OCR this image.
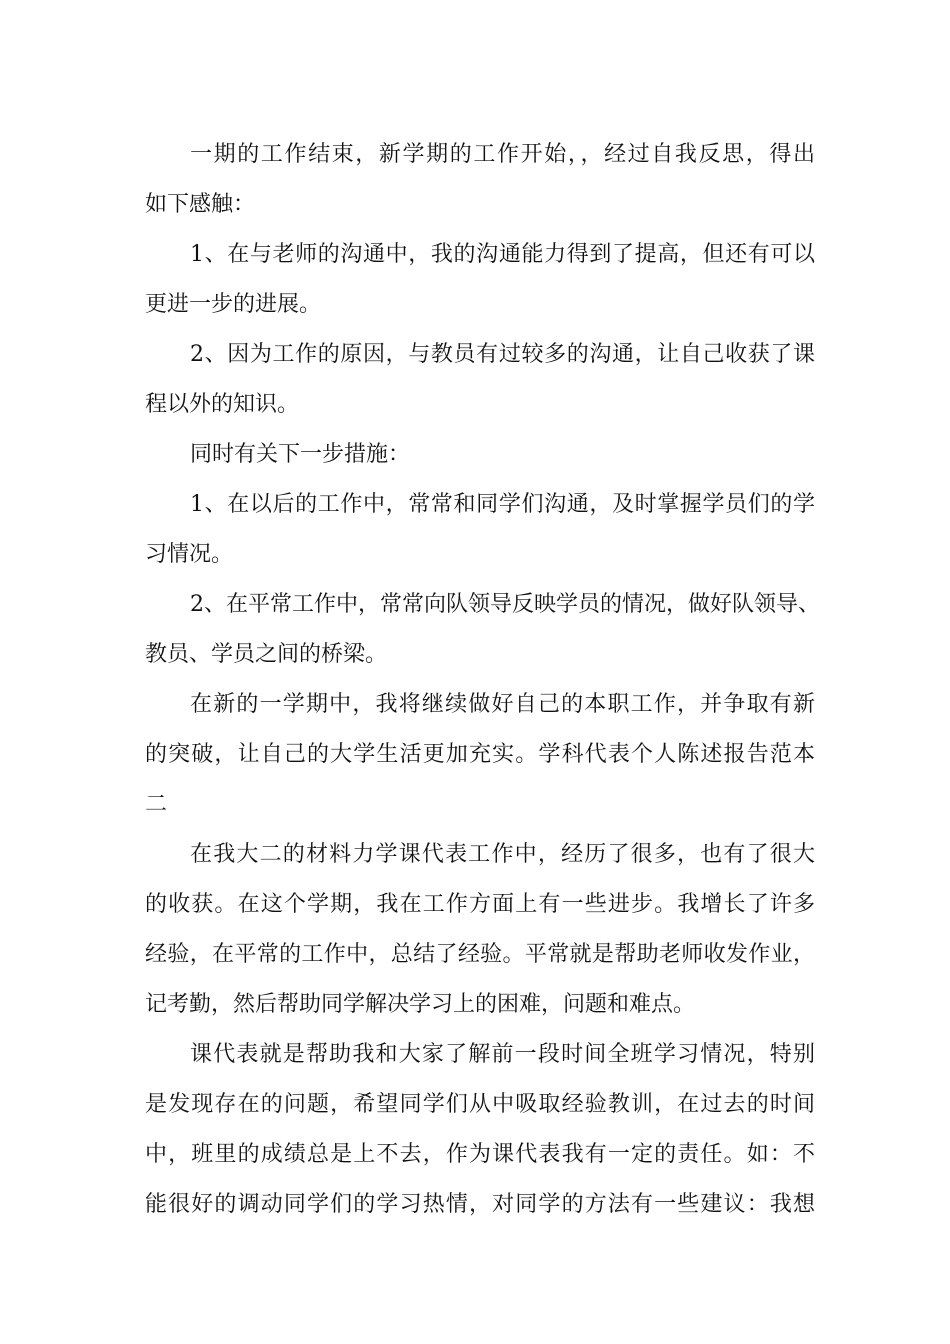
一期的工作结束，新学期的工作开始，，经过自我反思，得出
如下感触：
1、在与老师的沟通中，我的沟通能力得到了提高，但还有可以
更进一步的进展。
2、因为工作的原因，与教员有过较多的沟通，让自己收获了课
程以外的知识。
同时有关下一步措施：
1、在以后的工作中，常常和同学们沟通，及时掌握学员们的学
习情况。
2、在平常工作中，常常向队领导反映学员的情况，做好队领导、
教员、学员之间的桥梁。
在新的一学期中，我将继续做好自己的本职工作，并争取有新
的突破，让自己的大学生活更加充实。学科代表个人陈述报告范本
二
在我大二的材料力学课代表工作中，经历了很多，也有了很大
的收获。在这个学期，我在工作方面上有一些进步。我增长了许多
经验，在平常的工作中，总结了经验。平常就是帮助老师收发作业，
记考勤，然后帮助同学解决学习上的困难，问题和难点。
课代表就是帮助我和大家了解前一段时间全班学习情况，特别
是发现存在的问题，希望同学们从中吸取经验教训，在过去的时间
中，班里的成绩总是上不去，作为课代表我有一定的责任。如：不
能很好的调动同学们的学习热情，对同学的方法有一些建议：我想
